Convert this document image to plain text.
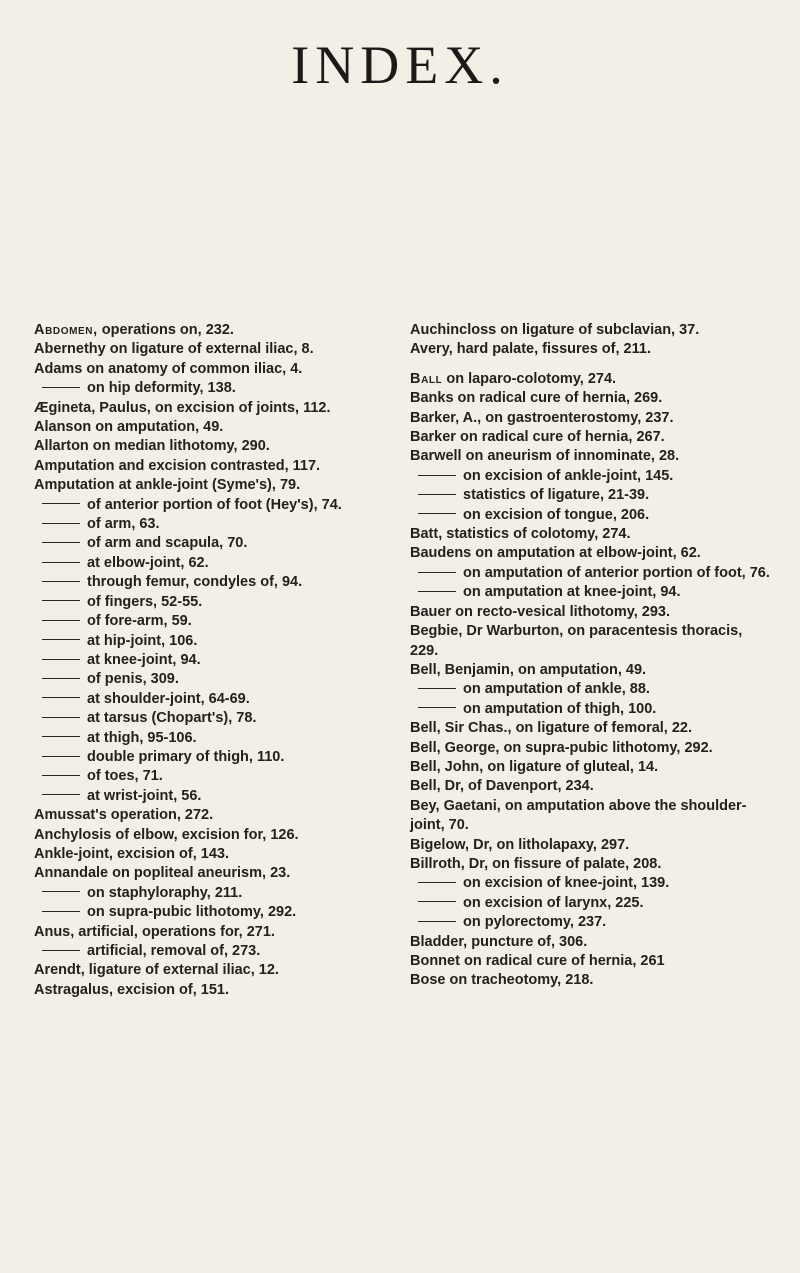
INDEX.
Abdomen, operations on, 232.
Abernethy on ligature of external iliac, 8.
Adams on anatomy of common iliac, 4.
on hip deformity, 138.
Ægineta, Paulus, on excision of joints, 112.
Alanson on amputation, 49.
Allarton on median lithotomy, 290.
Amputation and excision contrasted, 117.
Amputation at ankle-joint (Syme's), 79.
of anterior portion of foot (Hey's), 74.
of arm, 63.
of arm and scapula, 70.
at elbow-joint, 62.
through femur, condyles of, 94.
of fingers, 52-55.
of fore-arm, 59.
at hip-joint, 106.
at knee-joint, 94.
of penis, 309.
at shoulder-joint, 64-69.
at tarsus (Chopart's), 78.
at thigh, 95-106.
double primary of thigh, 110.
of toes, 71.
at wrist-joint, 56.
Amussat's operation, 272.
Anchylosis of elbow, excision for, 126.
Ankle-joint, excision of, 143.
Annandale on popliteal aneurism, 23.
on staphyloraphy, 211.
on supra-pubic lithotomy, 292.
Anus, artificial, operations for, 271.
artificial, removal of, 273.
Arendt, ligature of external iliac, 12.
Astragalus, excision of, 151.
Auchincloss on ligature of subclavian, 37.
Avery, hard palate, fissures of, 211.
Ball on laparo-colotomy, 274.
Banks on radical cure of hernia, 269.
Barker, A., on gastroenterostomy, 237.
Barker on radical cure of hernia, 267.
Barwell on aneurism of innominate, 28.
on excision of ankle-joint, 145.
statistics of ligature, 21-39.
on excision of tongue, 206.
Batt, statistics of colotomy, 274.
Baudens on amputation at elbow-joint, 62.
on amputation of anterior portion of foot, 76.
on amputation at knee-joint, 94.
Bauer on recto-vesical lithotomy, 293.
Begbie, Dr Warburton, on paracentesis thoracis, 229.
Bell, Benjamin, on amputation, 49.
on amputation of ankle, 88.
on amputation of thigh, 100.
Bell, Sir Chas., on ligature of femoral, 22.
Bell, George, on supra-pubic lithotomy, 292.
Bell, John, on ligature of gluteal, 14.
Bell, Dr, of Davenport, 234.
Bey, Gaetani, on amputation above the shoulder-joint, 70.
Bigelow, Dr, on litholapaxy, 297.
Billroth, Dr, on fissure of palate, 208.
on excision of knee-joint, 139.
on excision of larynx, 225.
on pylorectomy, 237.
Bladder, puncture of, 306.
Bonnet on radical cure of hernia, 261
Bose on tracheotomy, 218.
